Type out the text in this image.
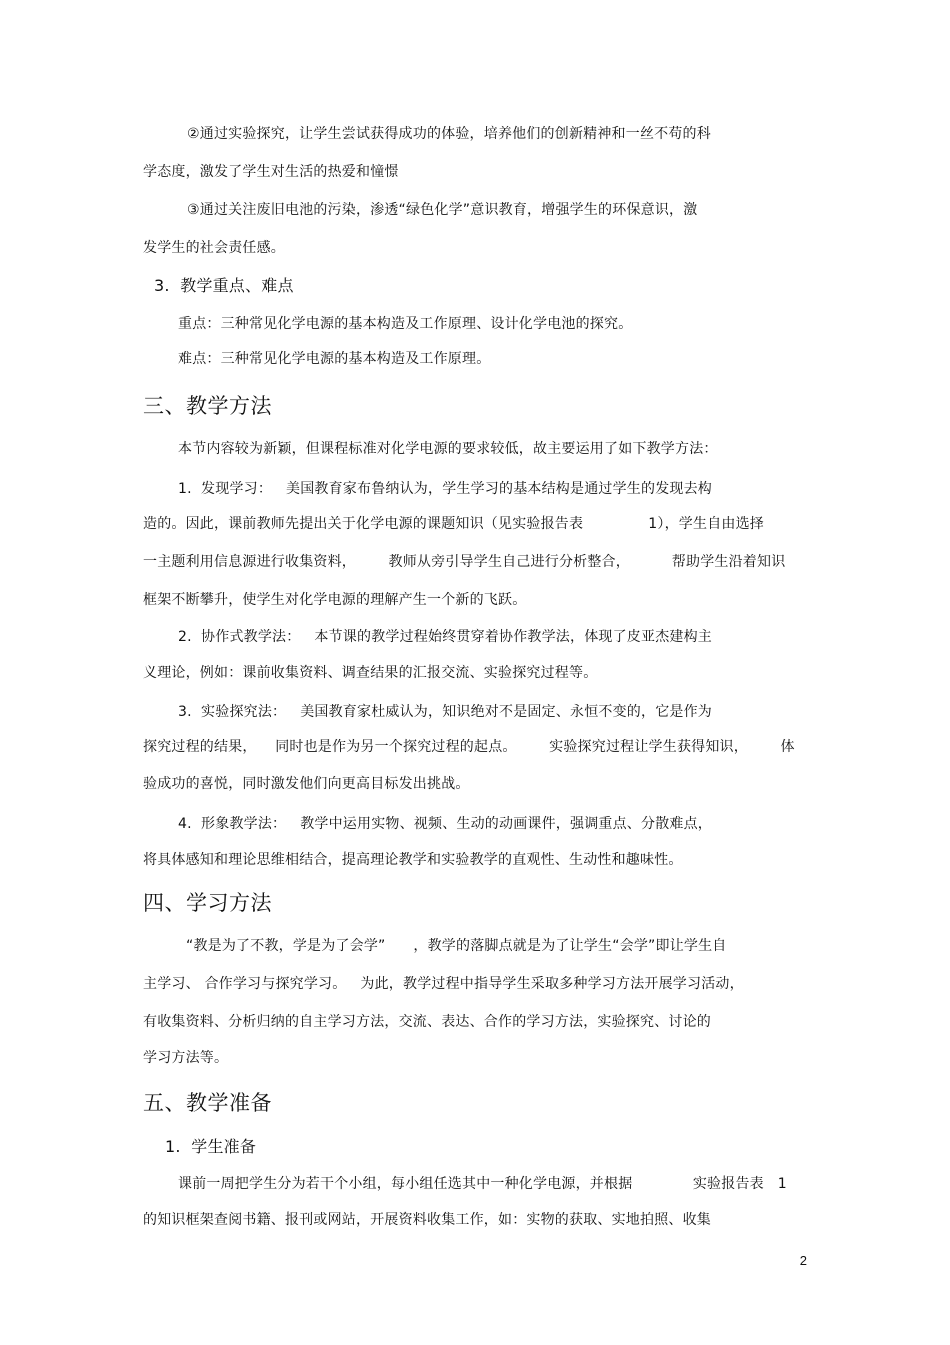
②通过实验探究，让学生尝试获得成功的体验，培养他们的创新精神和一丝不苟的科
学态度，激发了学生对生活的热爱和憧憬
③通过关注废旧电池的污染，渗透“绿色化学”意识教育，增强学生的环保意识，激
发学生的社会责任感。
3.  教学重点、难点
重点：三种常见化学电源的基本构造及工作原理、设计化学电池的探究。
难点：三种常见化学电源的基本构造及工作原理。
三、教学方法
本节内容较为新颖，但课程标准对化学电源的要求较低，故主要运用了如下教学方法：
1.  发现学习：   美国教育家布鲁纳认为，学生学习的基本结构是通过学生的发现去构
造的。因此，课前教师先提出关于化学电源的课题知识（见实验报告表              1），学生自由选择
一主题利用信息源进行收集资料，       教师从旁引导学生自己进行分析整合，         帮助学生沿着知识
框架不断攀升，使学生对化学电源的理解产生一个新的飞跃。
2.  协作式教学法：   本节课的教学过程始终贯穿着协作教学法，体现了皮亚杰建构主
义理论，例如：课前收集资料、调查结果的汇报交流、实验探究过程等。
3.  实验探究法：   美国教育家杜威认为，知识绝对不是固定、永恒不变的，它是作为
探究过程的结果，    同时也是作为另一个探究过程的起点。       实验探究过程让学生获得知识，       体
验成功的喜悦，同时激发他们向更高目标发出挑战。
4.  形象教学法：   教学中运用实物、视频、生动的动画课件，强调重点、分散难点，
将具体感知和理论思维相结合，提高理论教学和实验教学的直观性、生动性和趣味性。
四、学习方法
“教是为了不教，学是为了会学”      ，教学的落脚点就是为了让学生“会学”即让学生自
主学习、 合作学习与探究学习。   为此，教学过程中指导学生采取多种学习方法开展学习活动，
有收集资料、分析归纳的自主学习方法，交流、表达、合作的学习方法，实验探究、讨论的
学习方法等。
五、教学准备
1.  学生准备
课前一周把学生分为若干个小组，每小组任选其中一种化学电源，并根据             实验报告表   1
的知识框架查阅书籍、报刊或网站，开展资料收集工作，如：实物的获取、实地拍照、收集
2
